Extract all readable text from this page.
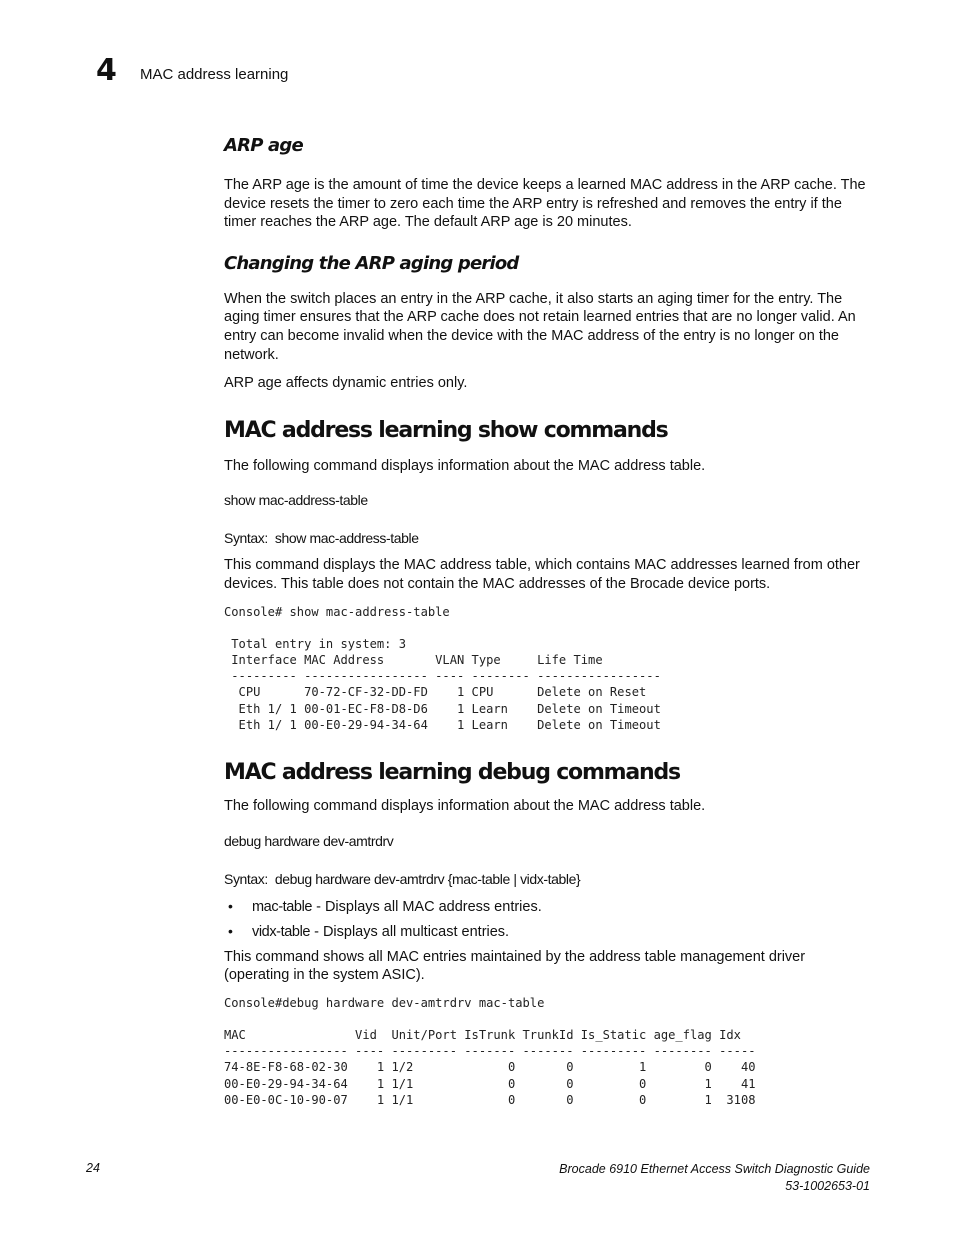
4 MAC address learning
ARP age

The ARP age is the amount of time the device keeps a learned MAC address in the ARP cache. The device resets the timer to zero each time the ARP entry is refreshed and removes the entry if the timer reaches the ARP age. The default ARP age is 20 minutes.

Changing the ARP aging period

When the switch places an entry in the ARP cache, it also starts an aging timer for the entry. The aging timer ensures that the ARP cache does not retain learned entries that are no longer valid. An entry can become invalid when the device with the MAC address of the entry is no longer on the network.

ARP age affects dynamic entries only.

MAC address learning show commands

The following command displays information about the MAC address table.

show mac-address-table

Syntax:  show mac-address-table

This command displays the MAC address table, which contains MAC addresses learned from other devices. This table does not contain the MAC addresses of the Brocade device ports.

Console# show mac-address-table
Total entry in system: 3
Interface MAC Address       VLAN Type     Life Time
--------- ----------------- ---- -------- -----------------
CPU      70-72-CF-32-DD-FD    1 CPU      Delete on Reset
Eth 1/ 1 00-01-EC-F8-D8-D6    1 Learn    Delete on Timeout
Eth 1/ 1 00-E0-29-94-34-64    1 Learn    Delete on Timeout
MAC address learning debug commands

The following command displays information about the MAC address table.

debug hardware dev-amtrdrv

Syntax:  debug hardware dev-amtrdrv {mac-table | vidx-table}

• mac-table - Displays all MAC address entries.
• vidx-table - Displays all multicast entries.

This command shows all MAC entries maintained by the address table management driver (operating in the system ASIC).

Console#debug hardware dev-amtrdrv mac-table
MAC               Vid  Unit/Port IsTrunk TrunkId Is_Static age_flag Idx
----------------- ---- --------- ------- ------- --------- -------- -----
74-8E-F8-68-02-30    1 1/2             0       0         1        0    40
00-E0-29-94-34-64    1 1/1             0       0         0        1    41
00-E0-0C-10-90-07    1 1/1             0       0         0        1  3108
24	Brocade 6910 Ethernet Access Switch Diagnostic Guide
53-1002653-01
